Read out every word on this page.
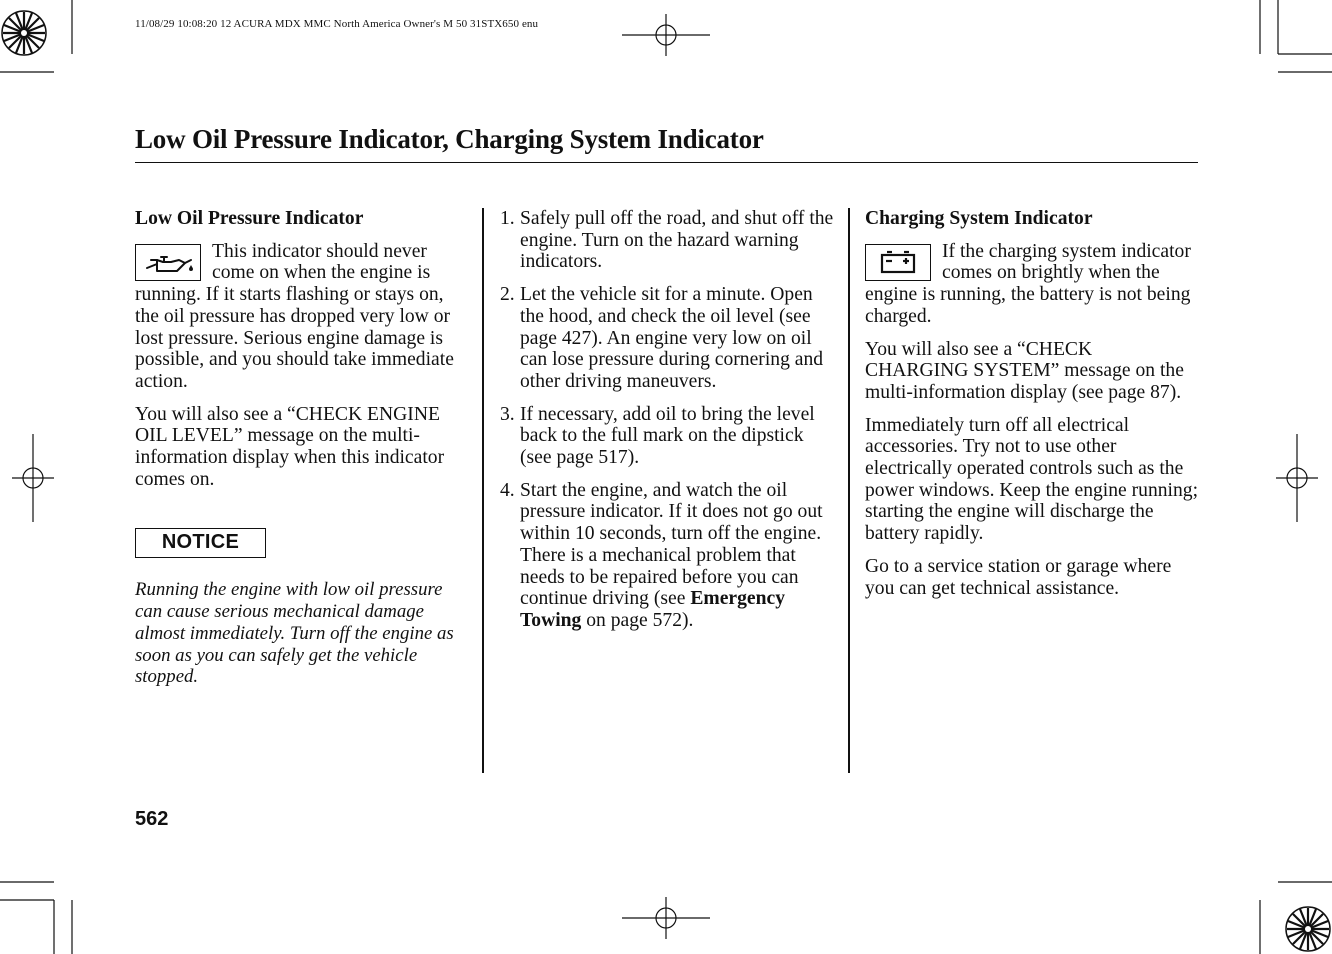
11/08/29 10:08:20 12 ACURA MDX MMC North America Owner's M 50 31STX650 enu
Low Oil Pressure Indicator, Charging System Indicator

Low Oil Pressure Indicator

This indicator should never come on when the engine is running. If it starts flashing or stays on, the oil pressure has dropped very low or lost pressure. Serious engine damage is possible, and you should take immediate action.

You will also see a “CHECK ENGINE OIL LEVEL” message on the multi-information display when this indicator comes on.

NOTICE

Running the engine with low oil pressure can cause serious mechanical damage almost immediately. Turn off the engine as soon as you can safely get the vehicle stopped.

1. Safely pull off the road, and shut off the engine. Turn on the hazard warning indicators.
2. Let the vehicle sit for a minute. Open the hood, and check the oil level (see page 427). An engine very low on oil can lose pressure during cornering and other driving maneuvers.
3. If necessary, add oil to bring the level back to the full mark on the dipstick (see page 517).
4. Start the engine, and watch the oil pressure indicator. If it does not go out within 10 seconds, turn off the engine. There is a mechanical problem that needs to be repaired before you can continue driving (see Emergency Towing on page 572).

Charging System Indicator

If the charging system indicator comes on brightly when the engine is running, the battery is not being charged.

You will also see a “CHECK CHARGING SYSTEM” message on the multi-information display (see page 87).

Immediately turn off all electrical accessories. Try not to use other electrically operated controls such as the power windows. Keep the engine running; starting the engine will discharge the battery rapidly.

Go to a service station or garage where you can get technical assistance.

562
